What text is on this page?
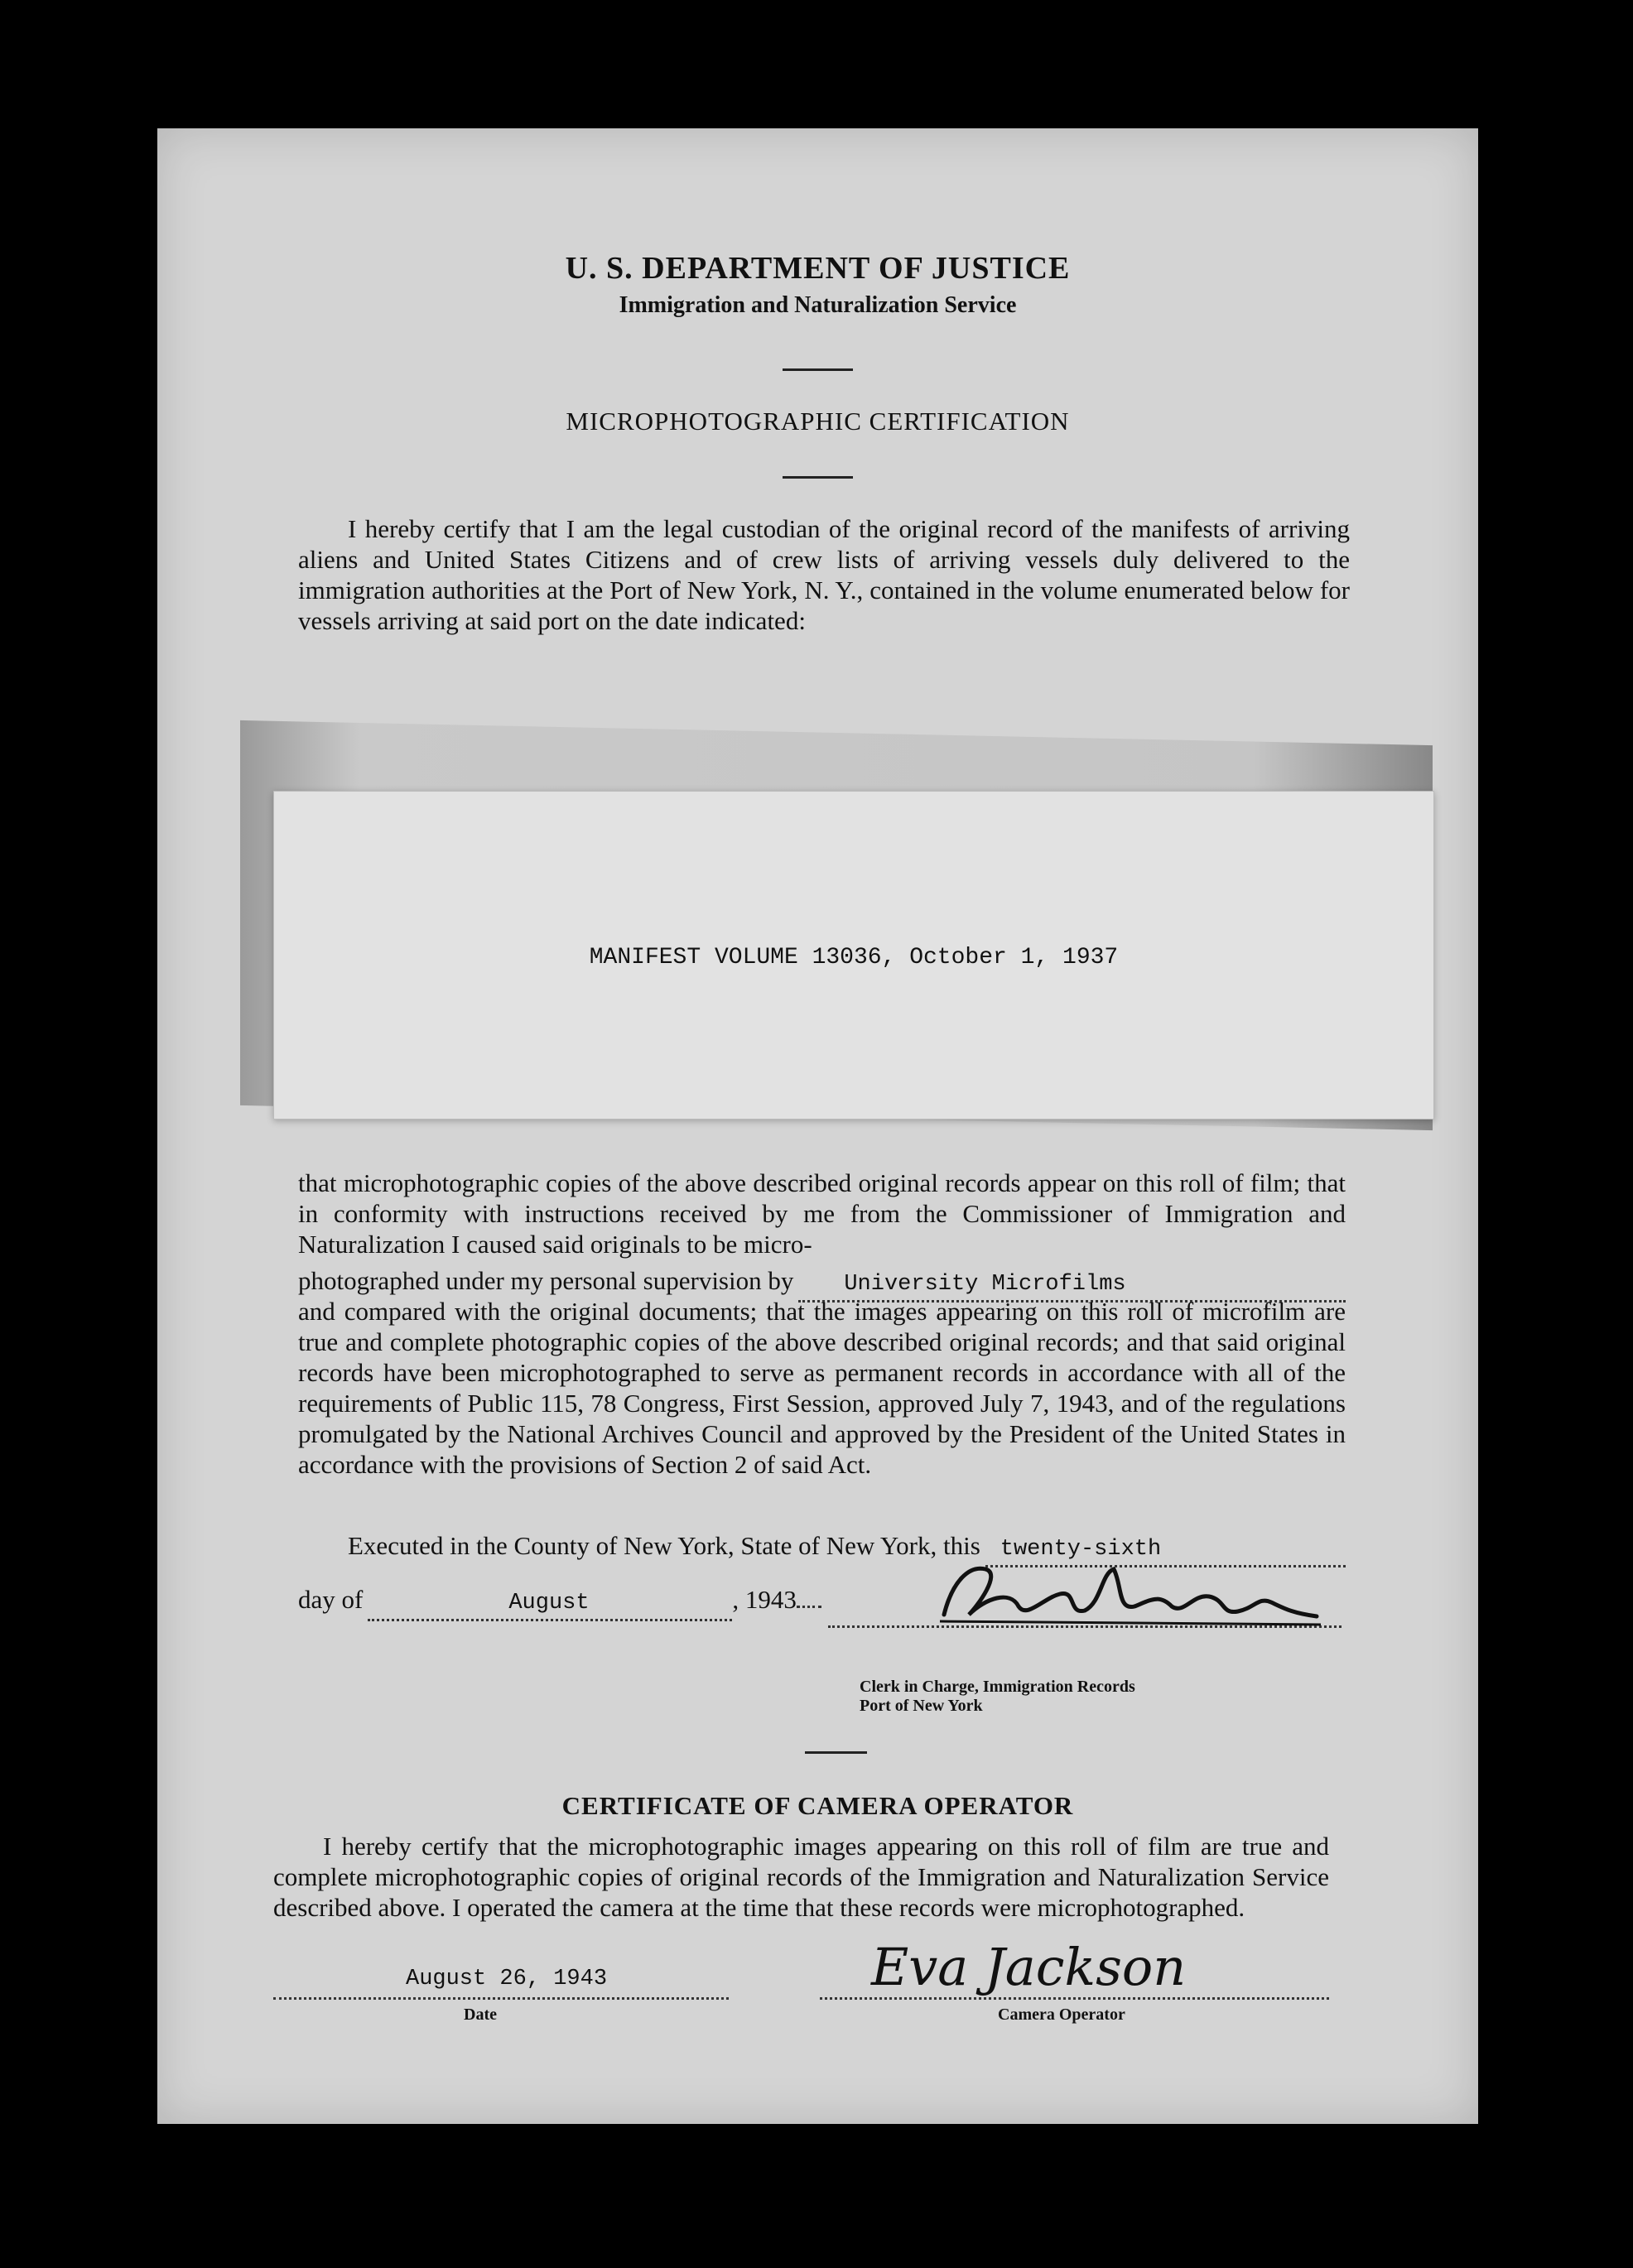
U. S. DEPARTMENT OF JUSTICE
Immigration and Naturalization Service
MICROPHOTOGRAPHIC CERTIFICATION
I hereby certify that I am the legal custodian of the original record of the manifests of arriving aliens and United States Citizens and of crew lists of arriving vessels duly delivered to the immigration authorities at the Port of New York, N. Y., contained in the volume enumerated below for vessels arriving at said port on the date indicated:
MANIFEST VOLUME 13036, October 1, 1937
that microphotographic copies of the above described original records appear on this roll of film; that in conformity with instructions received by me from the Commissioner of Immigration and Naturalization I caused said originals to be micro-
photographed under my personal supervision by	University Microfilms
and compared with the original documents; that the images appearing on this roll of microfilm are true and complete photographic copies of the above described original records; and that said original records have been microphotographed to serve as permanent records in accordance with all of the requirements of Public 115, 78 Congress, First Session, approved July 7, 1943, and of the regulations promulgated by the National Archives Council and approved by the President of the United States in accordance with the provisions of Section 2 of said Act.
Executed in the County of New York, State of New York, this twenty-sixth
day of	August	, 1943
Clerk in Charge, Immigration Records
Port of New York
CERTIFICATE OF CAMERA OPERATOR
I hereby certify that the microphotographic images appearing on this roll of film are true and complete microphotographic copies of original records of the Immigration and Naturalization Service described above. I operated the camera at the time that these records were microphotographed.
August 26, 1943
Date
Eva Jackson
Camera Operator
